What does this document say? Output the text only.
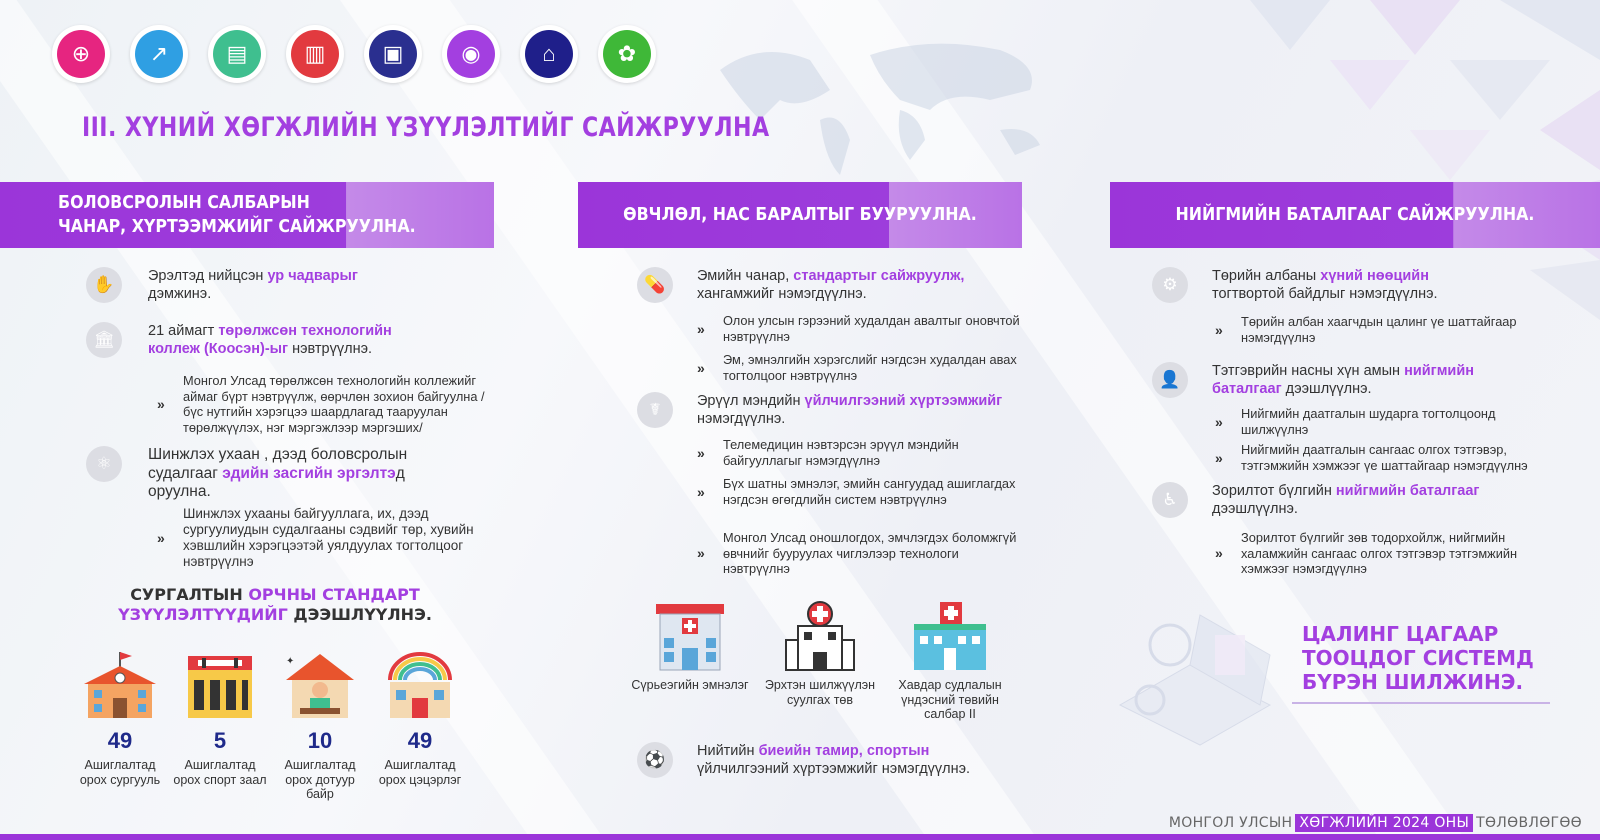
⊕	↗	▤	▥	▣	◉	⌂	✿
III. ХҮНИЙ ХӨГЖЛИЙН ҮЗҮҮЛЭЛТИЙГ САЙЖРУУЛНА
БОЛОВСРОЛЫН САЛБАРЫН
ЧАНАР, ХҮРТЭЭМЖИЙГ САЙЖРУУЛНА.
ӨВЧЛӨЛ, НАС БАРАЛТЫГ БУУРУУЛНА.	НИЙГМИЙН БАТАЛГААГ САЙЖРУУЛНА.
✋	Эрэлтэд нийцсэн ур чадварыг
дэмжинэ.
🏛	21 аймагт төрөлжсөн технологийн коллеж (Коосэн)-ыг нэвтрүүлнэ.
»
Монгол Улсад төрөлжсөн технологийн коллежийг аймаг бүрт нэвтрүүлж, өөрчлөн зохион байгуулна /бүс нутгийн хэрэгцээ шаардлагад тааруулан төрөлжүүлэх, нэг мэргэжлээр мэргэших/
⚛	Шинжлэх ухаан , дээд боловсролын судалгааг эдийн засгийн эргэлтэд оруулна.
»
Шинжлэх ухааны байгууллага, их, дээд сургуулиудын судалгааны сэдвийг төр, хувийн хэвшлийн хэрэгцээтэй уялдуулах тогтолцоог нэвтрүүлнэ
СУРГАЛТЫН ОРЧНЫ СТАНДАРТ ҮЗҮҮЛЭЛТҮҮДИЙГ ДЭЭШЛҮҮЛНЭ.
49
Ашиглалтад орох сургууль
5
Ашиглалтад орох спорт заал
✦
10
Ашиглалтад орох дотуур байр
49
Ашиглалтад орох цэцэрлэг
💊	Эмийн чанар, стандартыг сайжруулж,
хангамжийг нэмэгдүүлнэ.
»	Олон улсын гэрээний худалдан авалтыг оновчтой нэвтрүүлнэ
»	Эм, эмнэлгийн хэрэгслийг нэгдсэн худалдан авах тогтолцоог нэвтрүүлнэ
☤	Эрүүл мэндийн үйлчилгээний хүртээмжийг
нэмэгдүүлнэ.
»	Телемедицин нэвтэрсэн эрүүл мэндийн байгууллагыг нэмэгдүүлнэ
»	Бүх шатны эмнэлэг, эмийн сангуудад ашиглагдах нэгдсэн өгөгдлийн систем нэвтрүүлнэ
»
Монгол Улсад оношлогдох, эмчлэгдэх боломжгүй өвчнийг бууруулах чиглэлээр технологи нэвтрүүлнэ
Сүрьеэгийн эмнэлэг	Эрхтэн шилжүүлэн суулгах төв
Хавдар судлалын үндэсний төвийн салбар II
⚽	Нийтийн биеийн тамир, спортын
үйлчилгээний хүртээмжийг нэмэгдүүлнэ.
⚙	Төрийн албаны хүний нөөцийн
тогтвортой байдлыг нэмэгдүүлнэ.
»	Төрийн албан хаагчдын цалинг үе шаттайгаар нэмэгдүүлнэ
👤	Тэтгэврийн насны хүн амын нийгмийн баталгааг дээшлүүлнэ.
»	Нийгмийн даатгалын шударга тогтолцоонд шилжүүлнэ
»	Нийгмийн даатгалын сангаас олгох тэтгэвэр, тэтгэмжийн хэмжээг үе шаттайгаар нэмэгдүүлнэ
♿	Зорилтот бүлгийн нийгмийн баталгааг
дээшлүүлнэ.
»
Зорилтот бүлгийг зөв тодорхойлж, нийгмийн халамжийн сангаас олгох тэтгэвэр тэтгэмжийн хэмжээг нэмэгдүүлнэ
ЦАЛИНГ ЦАГААР ТООЦДОГ СИСТЕМД БҮРЭН ШИЛЖИНЭ.
МОНГОЛ УЛСЫН ХӨГЖЛИЙН 2024 ОНЫ ТӨЛӨВЛӨГӨӨ
